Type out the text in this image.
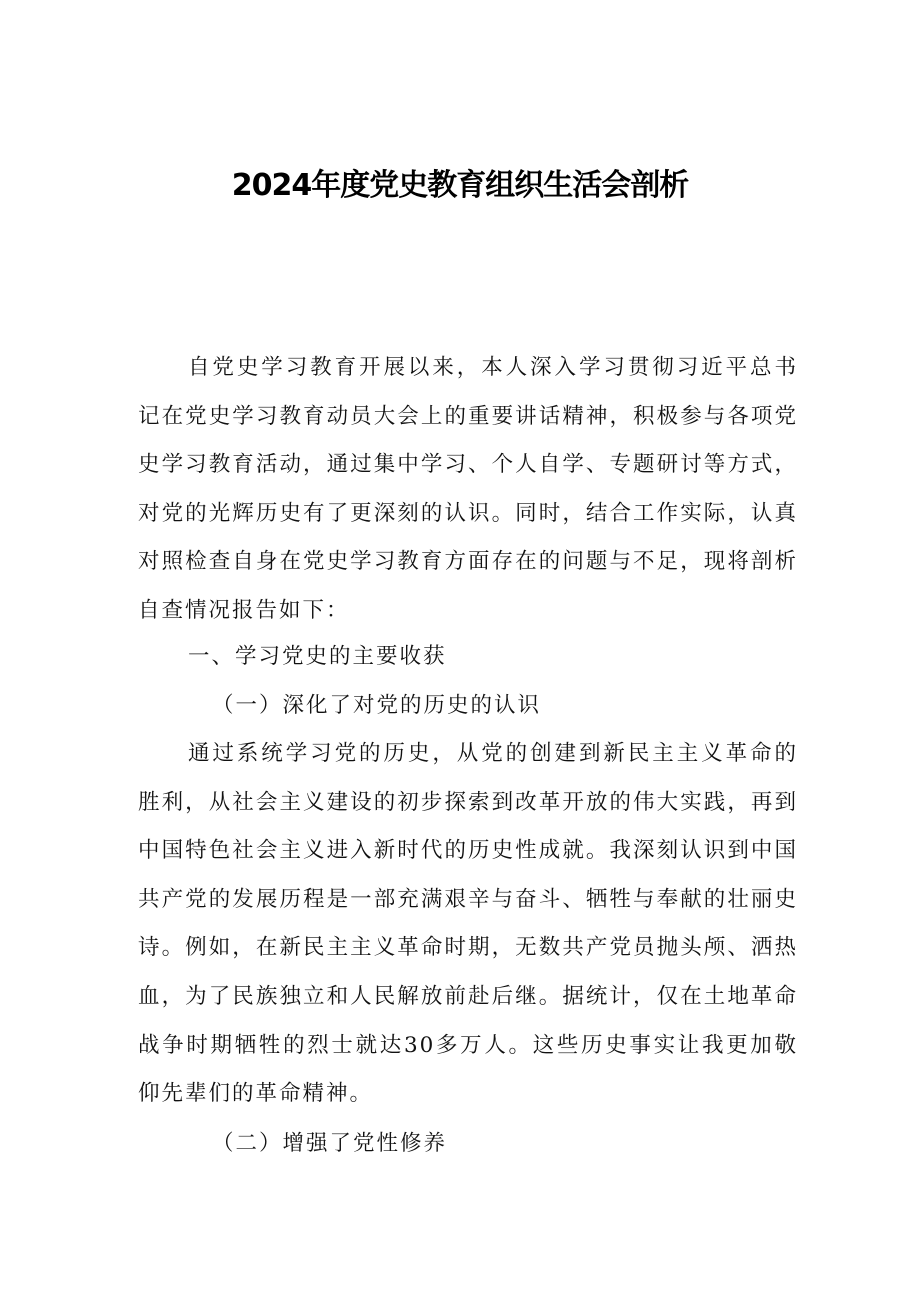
2024年度党史教育组织生活会剖析

自党史学习教育开展以来，本人深入学习贯彻习近平总书记在党史学习教育动员大会上的重要讲话精神，积极参与各项党史学习教育活动，通过集中学习、个人自学、专题研讨等方式，对党的光辉历史有了更深刻的认识。同时，结合工作实际，认真对照检查自身在党史学习教育方面存在的问题与不足，现将剖析自查情况报告如下：

一、学习党史的主要收获

（一）深化了对党的历史的认识

通过系统学习党的历史，从党的创建到新民主主义革命的胜利，从社会主义建设的初步探索到改革开放的伟大实践，再到中国特色社会主义进入新时代的历史性成就。我深刻认识到中国共产党的发展历程是一部充满艰辛与奋斗、牺牲与奉献的壮丽史诗。例如，在新民主主义革命时期，无数共产党员抛头颅、洒热血，为了民族独立和人民解放前赴后继。据统计，仅在土地革命战争时期牺牲的烈士就达30多万人。这些历史事实让我更加敬仰先辈们的革命精神。

（二）增强了党性修养
